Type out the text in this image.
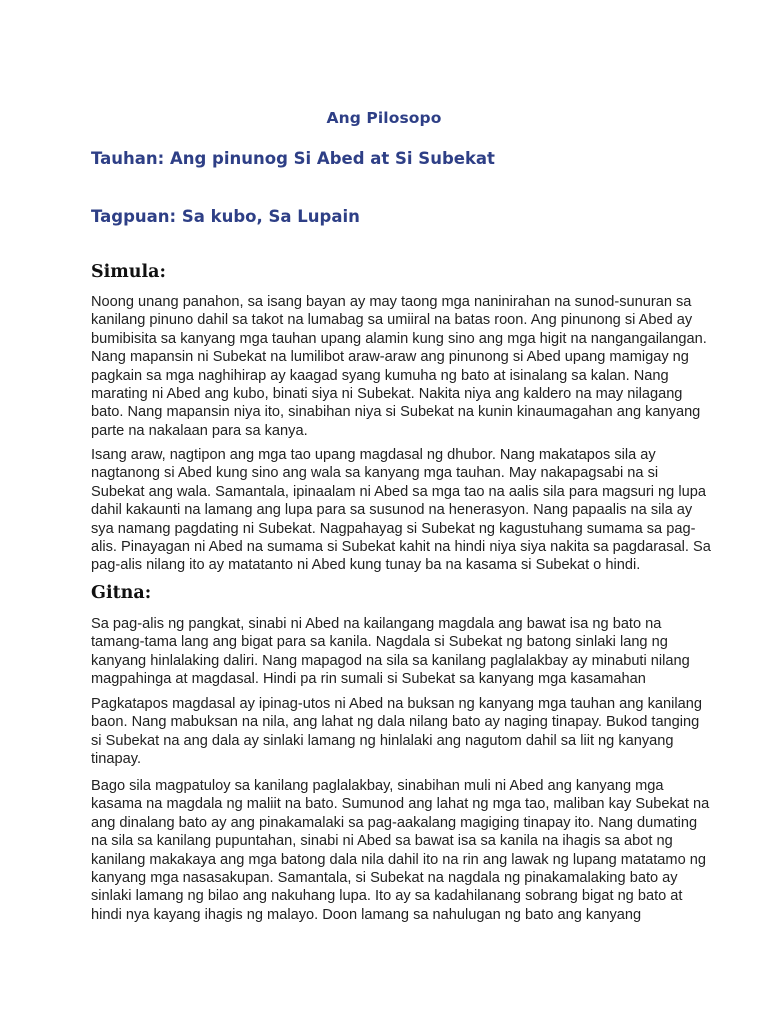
Ang Pilosopo
Tauhan: Ang pinunog Si Abed at Si Subekat
Tagpuan: Sa kubo, Sa Lupain
Simula:
Noong unang panahon, sa isang bayan ay may taong mga naninirahan na sunod-sunuran sa
kanilang pinuno dahil sa takot na lumabag sa umiiral na batas roon. Ang pinunong si Abed ay
bumibisita sa kanyang mga tauhan upang alamin kung sino ang mga higit na nangangailangan.
Nang mapansin ni Subekat na lumilibot araw-araw ang pinunong si Abed upang mamigay ng
pagkain sa mga naghihirap ay kaagad syang kumuha ng bato at isinalang sa kalan. Nang
marating ni Abed ang kubo, binati siya ni Subekat. Nakita niya ang kaldero na may nilagang
bato. Nang mapansin niya ito, sinabihan niya si Subekat na kunin kinaumagahan ang kanyang
parte na nakalaan para sa kanya.
Isang araw, nagtipon ang mga tao upang magdasal ng dhubor. Nang makatapos sila ay
nagtanong si Abed kung sino ang wala sa kanyang mga tauhan. May nakapagsabi na si
Subekat ang wala. Samantala, ipinaalam ni Abed sa mga tao na aalis sila para magsuri ng lupa
dahil kakaunti na lamang ang lupa para sa susunod na henerasyon. Nang papaalis na sila ay
sya namang pagdating ni Subekat. Nagpahayag si Subekat ng kagustuhang sumama sa pag-
alis. Pinayagan ni Abed na sumama si Subekat kahit na hindi niya siya nakita sa pagdarasal. Sa
pag-alis nilang ito ay matatanto ni Abed kung tunay ba na kasama si Subekat o hindi.
Gitna:
Sa pag-alis ng pangkat, sinabi ni Abed na kailangang magdala ang bawat isa ng bato na
tamang-tama lang ang bigat para sa kanila. Nagdala si Subekat ng batong sinlaki lang ng
kanyang hinlalaking daliri. Nang mapagod na sila sa kanilang paglalakbay ay minabuti nilang
magpahinga at magdasal. Hindi pa rin sumali si Subekat sa kanyang mga kasamahan
Pagkatapos magdasal ay ipinag-utos ni Abed na buksan ng kanyang mga tauhan ang kanilang
baon. Nang mabuksan na nila, ang lahat ng dala nilang bato ay naging tinapay. Bukod tanging
si Subekat na ang dala ay sinlaki lamang ng hinlalaki ang nagutom dahil sa liit ng kanyang
tinapay.
Bago sila magpatuloy sa kanilang paglalakbay, sinabihan muli ni Abed ang kanyang mga
kasama na magdala ng maliit na bato. Sumunod ang lahat ng mga tao, maliban kay Subekat na
ang dinalang bato ay ang pinakamalaki sa pag-aakalang magiging tinapay ito. Nang dumating
na sila sa kanilang pupuntahan, sinabi ni Abed sa bawat isa sa kanila na ihagis sa abot ng
kanilang makakaya ang mga batong dala nila dahil ito na rin ang lawak ng lupang matatamo ng
kanyang mga nasasakupan. Samantala, si Subekat na nagdala ng pinakamalaking bato ay
sinlaki lamang ng bilao ang nakuhang lupa. Ito ay sa kadahilanang sobrang bigat ng bato at
hindi nya kayang ihagis ng malayo. Doon lamang sa nahulugan ng bato ang kanyang
